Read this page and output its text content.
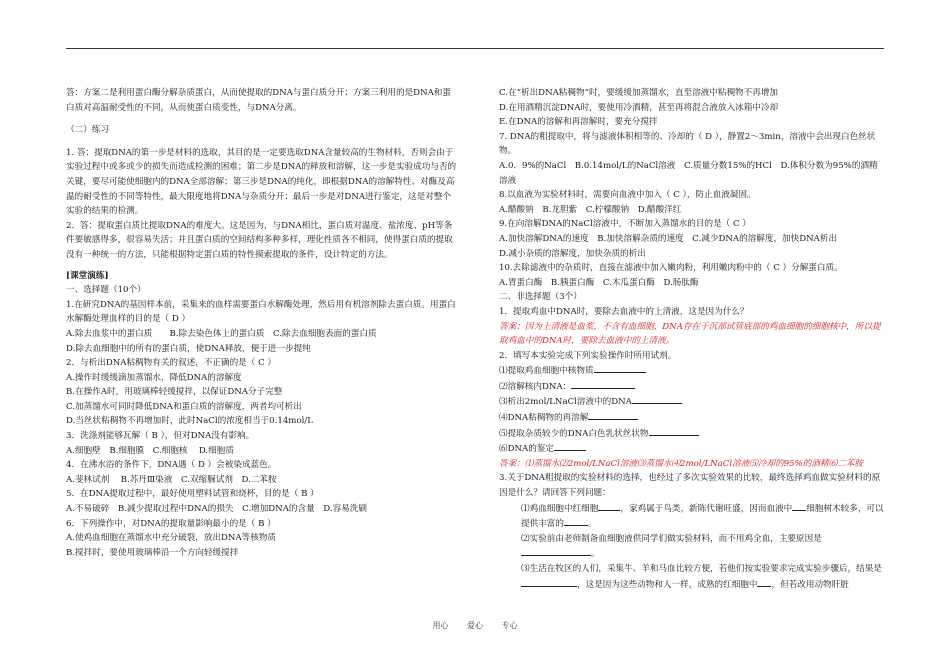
答：方案二是利用蛋白酶分解杂质蛋白，从而使提取的DNA与蛋白质分开；方案三利用的是DNA和蛋白质对高温耐受性的不同，从而使蛋白质变性，与DNA分离。

（二）练习

1. 答：提取DNA的第一步是材料的选取，其目的是一定要选取DNA含量较高的生物材料，否则会由于实验过程中或多或少的损失而造成检测的困难；第二步是DNA的释放和溶解，这一步是实验成功与否的关键，要尽可能使细胞内的DNA全部溶解；第三步是DNA的纯化，即根据DNA的溶解特性、对酶及高温的耐受性的不同等特性，最大限度地将DNA与杂质分开；最后一步是对DNA进行鉴定，这是对整个实验的结果的检测。

2．答：提取蛋白质比提取DNA的难度大。这是因为，与DNA相比，蛋白质对温度、盐浓度、pH等条件要敏感得多，很容易失活；并且蛋白质的空间结构多种多样，理化性质各不相同，使得蛋白质的提取没有一种统一的方法，只能根据特定蛋白质的特性摸索提取的条件，设计特定的方法。

[课堂演练]

一、选择题（10个）

1.在研究DNA的基因样本前，采集来的血样需要蛋白水解酶处理，然后用有机溶剂除去蛋白质。用蛋白水解酶处理血样的目的是（ D ）

A.除去血浆中的蛋白质　　B.除去染色体上的蛋白质　C.除去血细胞表面的蛋白质

D.除去血细胞中的所有的蛋白质，使DNA释放，便于进一步提纯

2．与析出DNA粘稠物有关的叙述，不正确的是（ C ）

A.操作时缓缓滴加蒸馏水，降低DNA的溶解度

B.在操作A时，用玻璃棒轻缓搅拌，以保证DNA分子完整

C.加蒸馏水可同时降低DNA和蛋白质的溶解度，两者均可析出

D.当丝状粘稠物不再增加时，此时NaCl的浓度相当于0.14mol/L

3．洗涤剂能够瓦解（ B ），但对DNA没有影响。

A.细胞壁　B.细胞膜　C.细胞核　 D.细胞质

4．在沸水浴的条件下，DNA遇（ D ）会被染成蓝色。

A.斐林试剂　 B.苏丹Ⅲ染液　C.双缩脲试剂　D.二苯胺

5．在DNA提取过程中，最好使用塑料试管和烧杯，目的是（ B ）

A.不易破碎　B.减少提取过程中DNA的损失　C.增加DNA的含量　D.容易洗刷

6．下列操作中，对DNA的提取量影响最小的是（ B ）

A.使鸡血细胞在蒸馏水中充分破裂，放出DNA等核物质

B.搅拌时，要使用玻璃棒沿一个方向轻缓搅拌

C.在“析出DNA粘稠物”时，要缓缓加蒸馏水，直至溶液中粘稠物不再增加

D.在用酒精沉淀DNA时，要使用冷酒精，甚至再将混合液放入冰箱中冷却

E.在DNA的溶解和再溶解时，要充分搅拌

7. DNA的粗提取中，将与滤液体积相等的、冷却的（ D ），静置2～3min，溶液中会出现白色丝状物。

A.0．9%的NaCl　B.0.14mol/L的NaCl溶液　C.质量分数15%的HCl　D.体积分数为95%的酒精溶液

8.以血液为实验材料时，需要向血液中加入（ C ），防止血液凝固。

A.醋酸钠　B.龙胆紫　C.柠檬酸钠　D.醋酸洋红

9.在向溶解DNA的NaCl溶液中，不断加入蒸馏水的目的是（ C ）

A.加快溶解DNA的速度　B.加快溶解杂质的速度　C.减少DNA的溶解度，加快DNA析出

D.减小杂质的溶解度，加快杂质的析出

10.去除滤液中的杂质时，直接在滤液中加入嫩肉粉，利用嫩肉粉中的（ C ）分解蛋白质。

A.胃蛋白酶　B.胰蛋白酶　C.木瓜蛋白酶　D.肠肽酶

二、非选择题（3个）

1．提取鸡血中DNA时，要除去血液中的上清液，这是因为什么？

答案：因为上清液是血浆，不含有血细胞，DNA存在于沉部试管底部的鸡血细胞的细胞核中，所以提取鸡血中的DNA时，要除去血液中的上清液。

2．填写本实验完成下列实验操作时所用试剂。

⑴提取鸡血细胞中核物质

⑵溶解核内DNA：

⑶析出2mol/LNaCl溶液中的DNA

⑷DNA粘稠物的再溶解

⑸提取杂质较少的DNA白色乳状丝状物

⑹DNA的鉴定

答案：⑴蒸馏水⑵2mol/LNaCl溶液⑶蒸馏水⑷2mol/LNaCl溶液⑸冷却的95%的酒精⑹二苯胺

3.关于DNA粗提取的实验材料的选择，也经过了多次实验效果的比较，最终选择鸡血做实验材料的原因是什么？请回答下列问题：

⑴鸡血细胞中红细胞	，家鸡属于鸟类，新陈代谢旺盛，因而血液中 细胞树木较多，可以提供丰富的	。

⑵实验前由老师制备血细胞液供同学们做实验材料，而不用鸡全血，主要原因是。

⑶生活在牧区的人们，采集牛、羊和马血比较方便，若他们按实验要求完成实验步骤后，结果是，这是因为这些动物和人一样，成熟的红细胞中 ，但若改用动物肝脏

用心 爱心 专心
